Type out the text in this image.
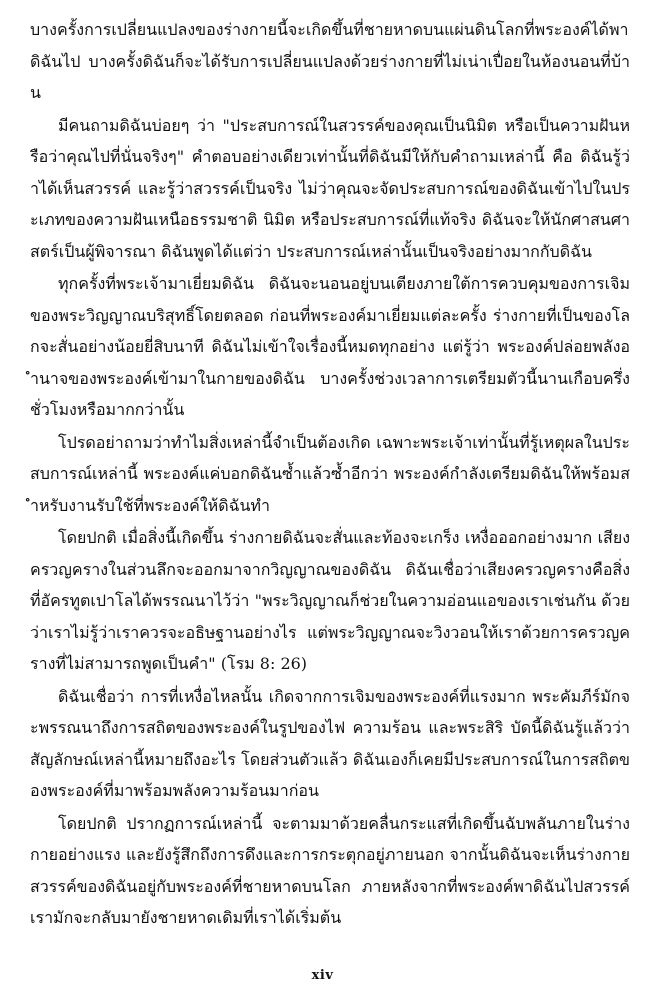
บางครั้งการเปลี่ยนแปลงของร่างกายนี้จะเกิดขึ้นที่ชายหาดบนแผ่นดินโลกที่พระองค์ได้พาดิฉันไป บางครั้งดิฉันก็จะได้รับการเปลี่ยนแปลงด้วยร่างกายที่ไม่เน่าเปื่อยในห้องนอนที่บ้าน

มีคนถามดิฉันบ่อยๆ ว่า "ประสบการณ์ในสวรรค์ของคุณเป็นนิมิต หรือเป็นความฝันหรือว่าคุณไปที่นั่นจริงๆ" คำตอบอย่างเดียวเท่านั้นที่ดิฉันมีให้กับคำถามเหล่านี้ คือ ดิฉันรู้ว่าได้เห็นสวรรค์ และรู้ว่าสวรรค์เป็นจริง ไม่ว่าคุณจะจัดประสบการณ์ของดิฉันเข้าไปในประเภทของความฝันเหนือธรรมชาติ นิมิต หรือประสบการณ์ที่แท้จริง ดิฉันจะให้นักศาสนศาสตร์เป็นผู้พิจารณา ดิฉันพูดได้แต่ว่า ประสบการณ์เหล่านั้นเป็นจริงอย่างมากกับดิฉัน

ทุกครั้งที่พระเจ้ามาเยี่ยมดิฉัน ดิฉันจะนอนอยู่บนเตียงภายใต้การควบคุมของการเจิมของพระวิญญาณบริสุทธิ์โดยตลอด ก่อนที่พระองค์มาเยี่ยมแต่ละครั้ง ร่างกายที่เป็นของโลกจะสั่นอย่างน้อยยี่สิบนาที ดิฉันไม่เข้าใจเรื่องนี้หมดทุกอย่าง แต่รู้ว่า พระองค์ปล่อยพลังอำนาจของพระองค์เข้ามาในกายของดิฉัน บางครั้งช่วงเวลาการเตรียมตัวนี้นานเกือบครึ่งชั่วโมงหรือมากกว่านั้น

โปรดอย่าถามว่าทำไมสิ่งเหล่านี้จำเป็นต้องเกิด เฉพาะพระเจ้าเท่านั้นที่รู้เหตุผลในประสบการณ์เหล่านี้ พระองค์แค่บอกดิฉันซ้ำแล้วซ้ำอีกว่า พระองค์กำลังเตรียมดิฉันให้พร้อมสำหรับงานรับใช้ที่พระองค์ให้ดิฉันทำ

โดยปกติ เมื่อสิ่งนี้เกิดขึ้น ร่างกายดิฉันจะสั่นและท้องจะเกร็ง เหงื่อออกอย่างมาก เสียงครวญครางในส่วนลึกจะออกมาจากวิญญาณของดิฉัน ดิฉันเชื่อว่าเสียงครวญครางคือสิ่งที่อัครทูตเปาโลได้พรรณนาไว้ว่า "พระวิญญาณก็ช่วยในความอ่อนแอของเราเช่นกัน ด้วยว่าเราไม่รู้ว่าเราควรจะอธิษฐานอย่างไร แต่พระวิญญาณจะวิงวอนให้เราด้วยการครวญครางที่ไม่สามารถพูดเป็นคำ" (โรม 8: 26)

ดิฉันเชื่อว่า การที่เหงื่อไหลนั้น เกิดจากการเจิมของพระองค์ที่แรงมาก พระคัมภีร์มักจะพรรณนาถึงการสถิตของพระองค์ในรูปของไฟ ความร้อน และพระสิริ บัดนี้ดิฉันรู้แล้วว่าสัญลักษณ์เหล่านี้หมายถึงอะไร โดยส่วนตัวแล้ว ดิฉันเองก็เคยมีประสบการณ์ในการสถิตของพระองค์ที่มาพร้อมพลังความร้อนมาก่อน

โดยปกติ ปรากฏการณ์เหล่านี้ จะตามมาด้วยคลื่นกระแสที่เกิดขึ้นฉับพลันภายในร่างกายอย่างแรง และยังรู้สึกถึงการดึงและการกระตุกอยู่ภายนอก จากนั้นดิฉันจะเห็นร่างกายสวรรค์ของดิฉันอยู่กับพระองค์ที่ชายหาดบนโลก ภายหลังจากที่พระองค์พาดิฉันไปสวรรค์ เรามักจะกลับมายังชายหาดเดิมที่เราได้เริ่มต้น

xiv
